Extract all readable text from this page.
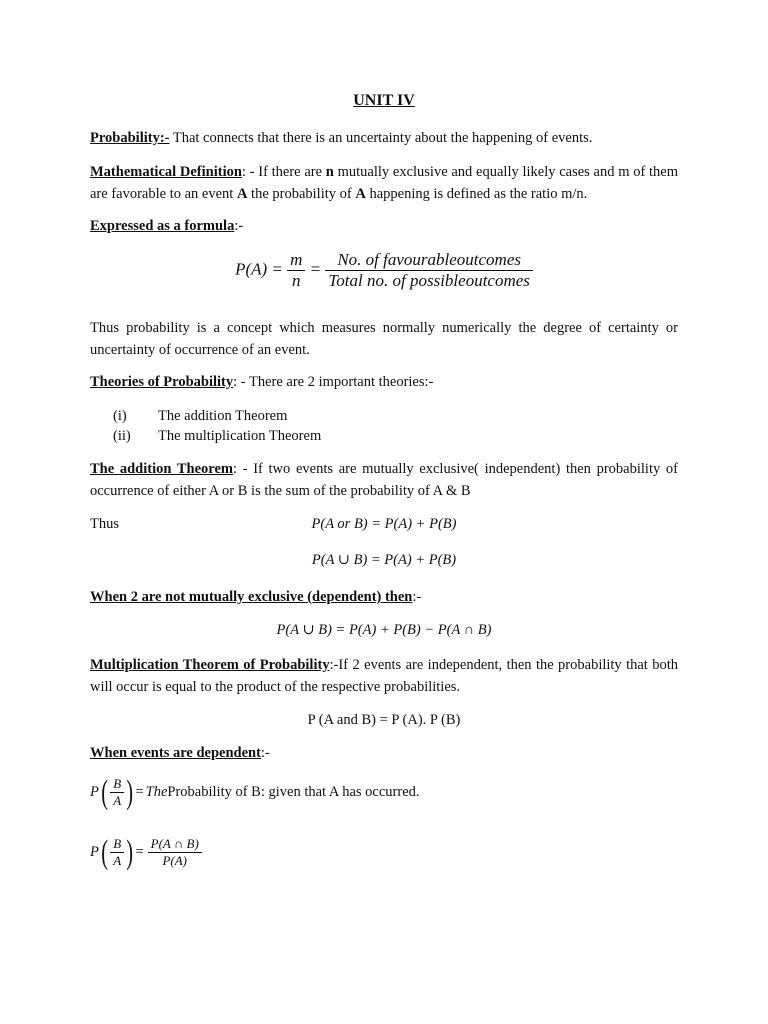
UNIT IV
Probability:- That connects that there is an uncertainty about the happening of events.
Mathematical Definition: - If there are n mutually exclusive and equally likely cases and m of them are favorable to an event A the probability of A happening is defined as the ratio m/n.
Expressed as a formula:-
$P(A) = \frac{m}{n} = \frac{\text{No. of favourableoutcomes}}{\text{Total no. of possibleoutcomes}}$
Thus probability is a concept which measures normally numerically the degree of certainty or uncertainty of occurrence of an event.
Theories of Probability: - There are 2 important theories:-
(i)	The addition Theorem
(ii)	The multiplication Theorem
The addition Theorem: - If two events are mutually exclusive( independent) then probability of occurrence of either A or B is the sum of the probability of A & B
Thus	P(A or B) = P(A) + P(B)
P(A ∪ B) = P(A) + P(B)
When 2 are not mutually exclusive (dependent) then:-
P(A ∪ B) = P(A) + P(B) − P(A ∩ B)
Multiplication Theorem of Probability:-If 2 events are independent, then the probability that both will occur is equal to the product of the respective probabilities.
P (A and B) = P (A). P (B)
When events are dependent:-
P ( $\frac{B}{A}$ ) = The Probability of B: given that A has occurred.
P ( $\frac{B}{A}$ ) = $\frac{P(A \cap B)}{P(A)}$
